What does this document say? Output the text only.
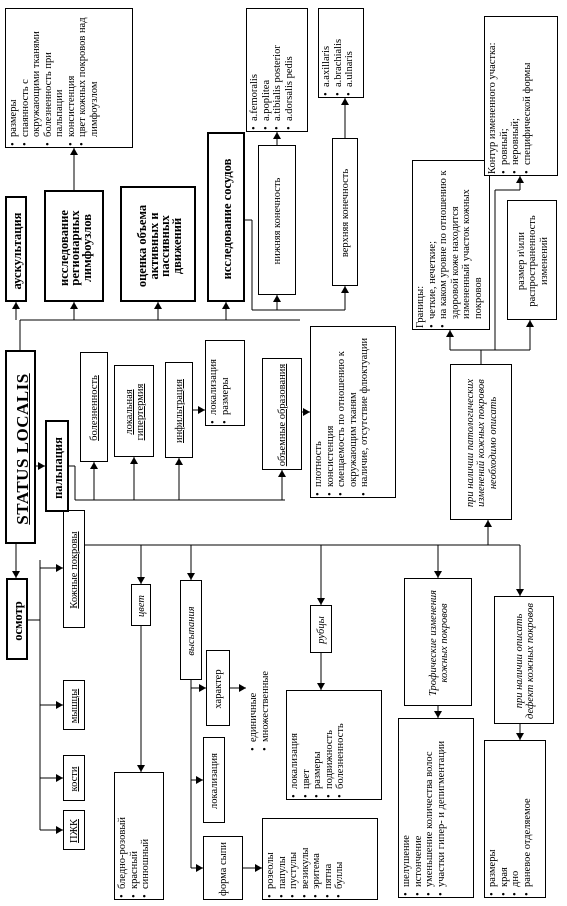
STATUS LOCALIS
осмотр
ПЖК
кости
мышцы
Кожные покровы	цвет
• бледно-розовый • красный • синюшный
высыпания
форма сыпи	• розеолы • папулы • пустулы • везикулы • эритема • пятна • буллы
локализация
характер
• единичные • множественные
рубцы
• локализация • цвет • размеры • подвижность • болезненность
Трофические изменения кожных покровов
• шелушение • истончение • уменьшение количества волос • участки гипер- и депигментации
при наличии описать дефект кожных покровов
• размеры • края • дно • раневое отделяемое
пальпация
болезненность локальная гипертермия	инфильтрация • локализация • размеры	объемные образования • плотность • консистенция • смещаемость по отношению к окружающим тканям • наличие, отсутствие флюктуации
аускультация	исследование регионарных лимфоузлов
• размеры • спаянность с окружающими тканями • болезненность при пальпации • консистенция • цвет кожных покровов над лимфоузлом
оценка объема активных и пассивных движений	исследование сосудов	нижняя конечность
• a.femoralis • a.poplitea • a.tibialis posterior • a.dorsalis pedis
верхняя конечность
• a.axillaris • a.brachialis • a.ulnaris
при наличии патологических изменений кожных покровов необходимо описать
Границы: • четкие, нечеткие; • на каком уровне по отношению к здоровой коже находится измененный участок кожных покровов
размер и\или распространенность изменений
Контур измененного участка: • ровный; • неровный; • специфической формы
